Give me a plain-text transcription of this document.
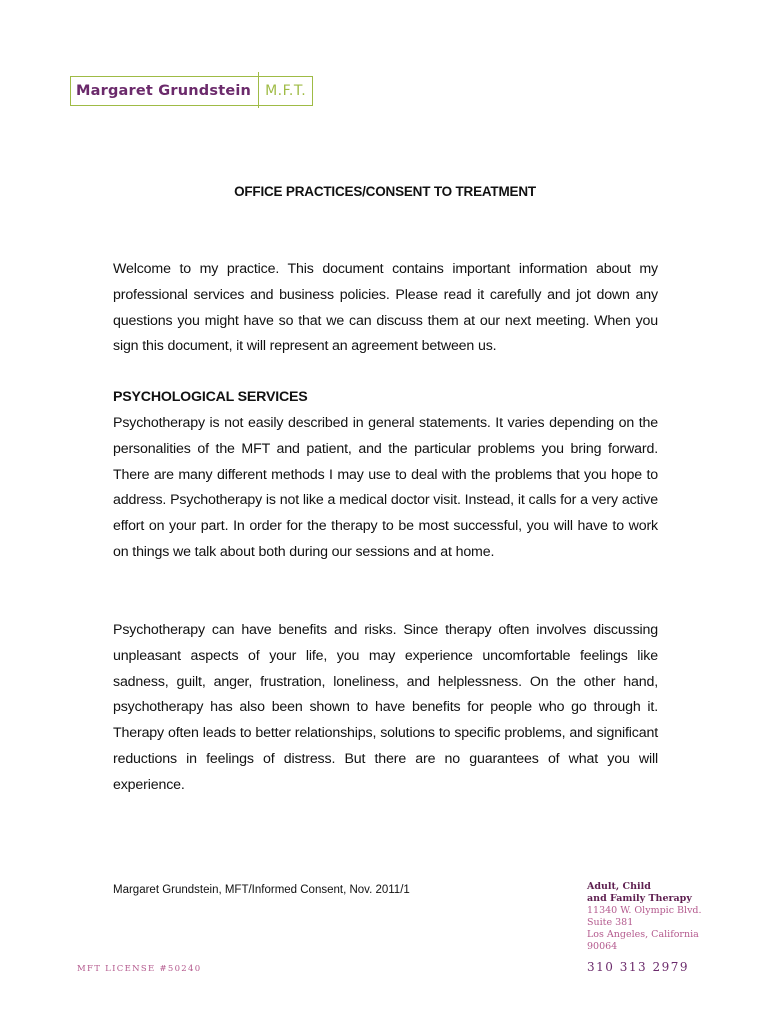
Margaret Grundstein	M.F.T.
OFFICE PRACTICES/CONSENT TO TREATMENT

Welcome to my practice. This document contains important information about my professional services and business policies. Please read it carefully and jot down any questions you might have so that we can discuss them at our next meeting. When you sign this document, it will represent an agreement between us.

PSYCHOLOGICAL SERVICES

Psychotherapy is not easily described in general statements. It varies depending on the personalities of the MFT and patient, and the particular problems you bring forward. There are many different methods I may use to deal with the problems that you hope to address. Psychotherapy is not like a medical doctor visit. Instead, it calls for a very active effort on your part. In order for the therapy to be most successful, you will have to work on things we talk about both during our sessions and at home.

Psychotherapy can have benefits and risks. Since therapy often involves discussing unpleasant aspects of your life, you may experience uncomfortable feelings like sadness, guilt, anger, frustration, loneliness, and helplessness. On the other hand, psychotherapy has also been shown to have benefits for people who go through it. Therapy often leads to better relationships, solutions to specific problems, and significant reductions in feelings of distress. But there are no guarantees of what you will experience.

Margaret Grundstein, MFT/Informed Consent, Nov. 2011/1	Adult, Child
and Family Therapy
11340 W. Olympic Blvd.
Suite 381
Los Angeles, California
90064
310 313 2979
MFT LICENSE #50240
